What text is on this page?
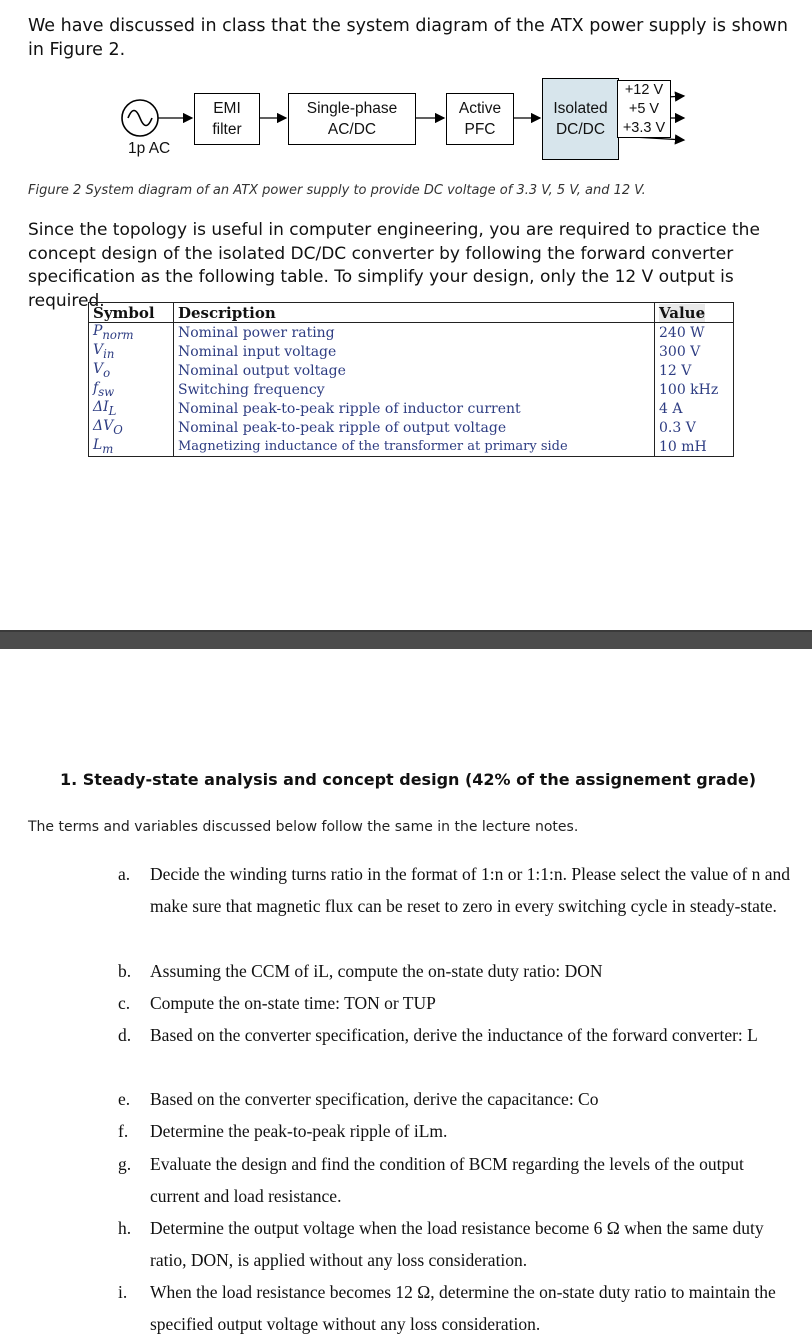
We have discussed in class that the system diagram of the ATX power supply is shown in Figure 2.
EMI
filter
Single-phase
AC/DC
Active
PFC
Isolated
DC/DC
+12 V
+5 V
+3.3 V
1p AC
Figure 2 System diagram of an ATX power supply to provide DC voltage of 3.3 V, 5 V, and 12 V.
Since the topology is useful in computer engineering, you are required to practice the concept design of the isolated DC/DC converter by following the forward converter specification as the following table. To simplify your design, only the 12 V output is required.
Symbol	Description	Value
$P_{norm}$	Nominal power rating	240 W
$V_{in}$	Nominal input voltage	300 V
$V_o$	Nominal output voltage	12 V
$f_{sw}$	Switching frequency	100 kHz
$\Delta I_L$	Nominal peak-to-peak ripple of inductor current	4 A
$\Delta V_O$	Nominal peak-to-peak ripple of output voltage	0.3 V
$L_m$	Magnetizing inductance of the transformer at primary side	10 mH
1. Steady-state analysis and concept design (42% of the assignement grade)
The terms and variables discussed below follow the same in the lecture notes.
a. Decide the winding turns ratio in the format of 1:n or 1:1:n. Please select the value of n and make sure that magnetic flux can be reset to zero in every switching cycle in steady-state.
b. Assuming the CCM of iL, compute the on-state duty ratio: DON
c. Compute the on-state time: TON or TUP
d. Based on the converter specification, derive the inductance of the forward converter: L
e. Based on the converter specification, derive the capacitance: Co
f. Determine the peak-to-peak ripple of iLm.
g. Evaluate the design and find the condition of BCM regarding the levels of the output current and load resistance.
h. Determine the output voltage when the load resistance become 6 Ω when the same duty ratio, DON, is applied without any loss consideration.
i. When the load resistance becomes 12 Ω, determine the on-state duty ratio to maintain the specified output voltage without any loss consideration.
